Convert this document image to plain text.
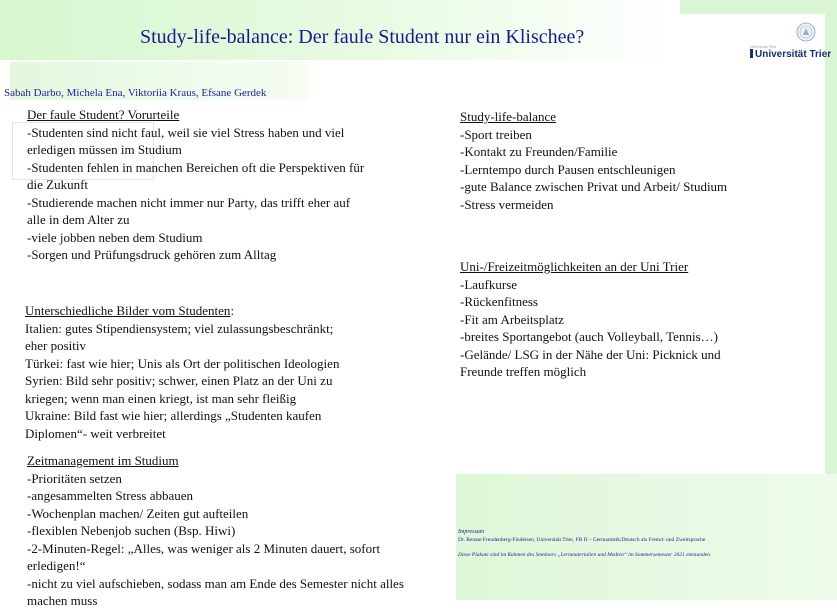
Study-life-balance: Der faule Student nur ein Klischee?
Sabah Darbo, Michela Ena, Viktoriia Kraus, Efsane Gerdek
Universität Trier
Universität Trier
Der faule Student? Vorurteile
-Studenten sind nicht faul, weil sie viel Stress haben und viel
erledigen müssen im Studium
-Studenten fehlen in manchen Bereichen oft die Perspektiven für
die Zukunft
-Studierende machen nicht immer nur Party, das trifft eher auf
alle in dem Alter zu
-viele jobben neben dem Studium
-Sorgen und Prüfungsdruck gehören zum Alltag
Unterschiedliche Bilder vom Studenten:
Italien: gutes Stipendiensystem; viel zulassungsbeschränkt;
eher positiv
Türkei: fast wie hier; Unis als Ort der politischen Ideologien
Syrien: Bild sehr positiv; schwer, einen Platz an der Uni zu
kriegen; wenn man einen kriegt, ist man sehr fleißig
Ukraine: Bild fast wie hier; allerdings „Studenten kaufen
Diplomen“- weit verbreitet
Zeitmanagement im Studium
-Prioritäten setzen
-angesammelten Stress abbauen
-Wochenplan machen/ Zeiten gut aufteilen
-flexiblen Nebenjob suchen (Bsp. Hiwi)
-2-Minuten-Regel: „Alles, was weniger als 2 Minuten dauert, sofort
erledigen!“
-nicht zu viel aufschieben, sodass man am Ende des Semester nicht alles
machen muss
Study-life-balance
-Sport treiben
-Kontakt zu Freunden/Familie
-Lerntempo durch Pausen entschleunigen
-gute Balance zwischen Privat und Arbeit/ Studium
-Stress vermeiden
Uni-/Freizeitmöglichkeiten an der Uni Trier
-Laufkurse
-Rückenfitness
-Fit am Arbeitsplatz
-breites Sportangebot (auch Volleyball, Tennis…)
-Gelände/ LSG in der Nähe der Uni: Picknick und
Freunde treffen möglich
Impressum
Dr. Renate Freudenberg-Findeisen, Universität Trier, FB II – Germanistik/Deutsch als Fremd- und Zweitsprache
Diese Plakate sind im Rahmen des Seminars „Lernmaterialien und Medien“ im Sommersemester 2021 entstanden.
